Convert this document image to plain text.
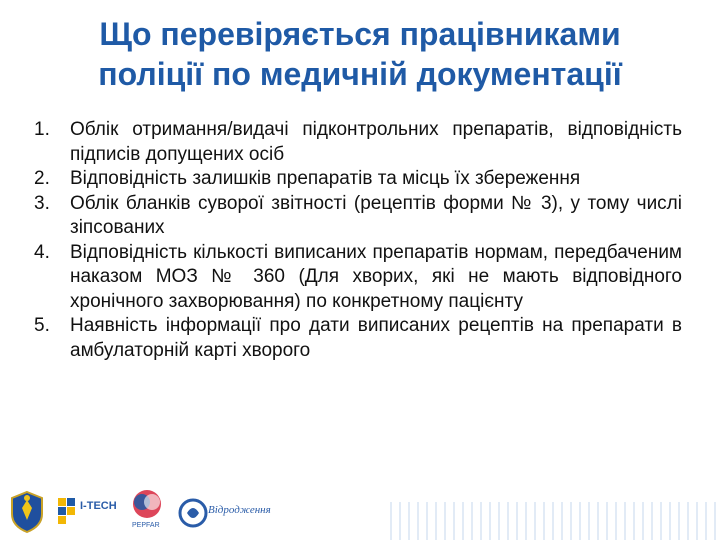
Що перевіряється працівниками
поліції по медичній документації
1.	Облік отримання/видачі підконтрольних препаратів, відповідність підписів допущених осіб
2.	Відповідність залишків препаратів та місць їх збереження
3.	Облік бланків суворої звітності (рецептів форми № 3), у тому числі зіпсованих
4.	Відповідність кількості виписаних препаратів нормам, передбаченим наказом МОЗ № 360 (Для хворих, які не мають відповідного хронічного захворювання) по конкретному пацієнту
5.	Наявність інформації про дати виписаних рецептів на препарати в амбулаторній карті хворого
I-TECH
PEPFAR
Відродження
